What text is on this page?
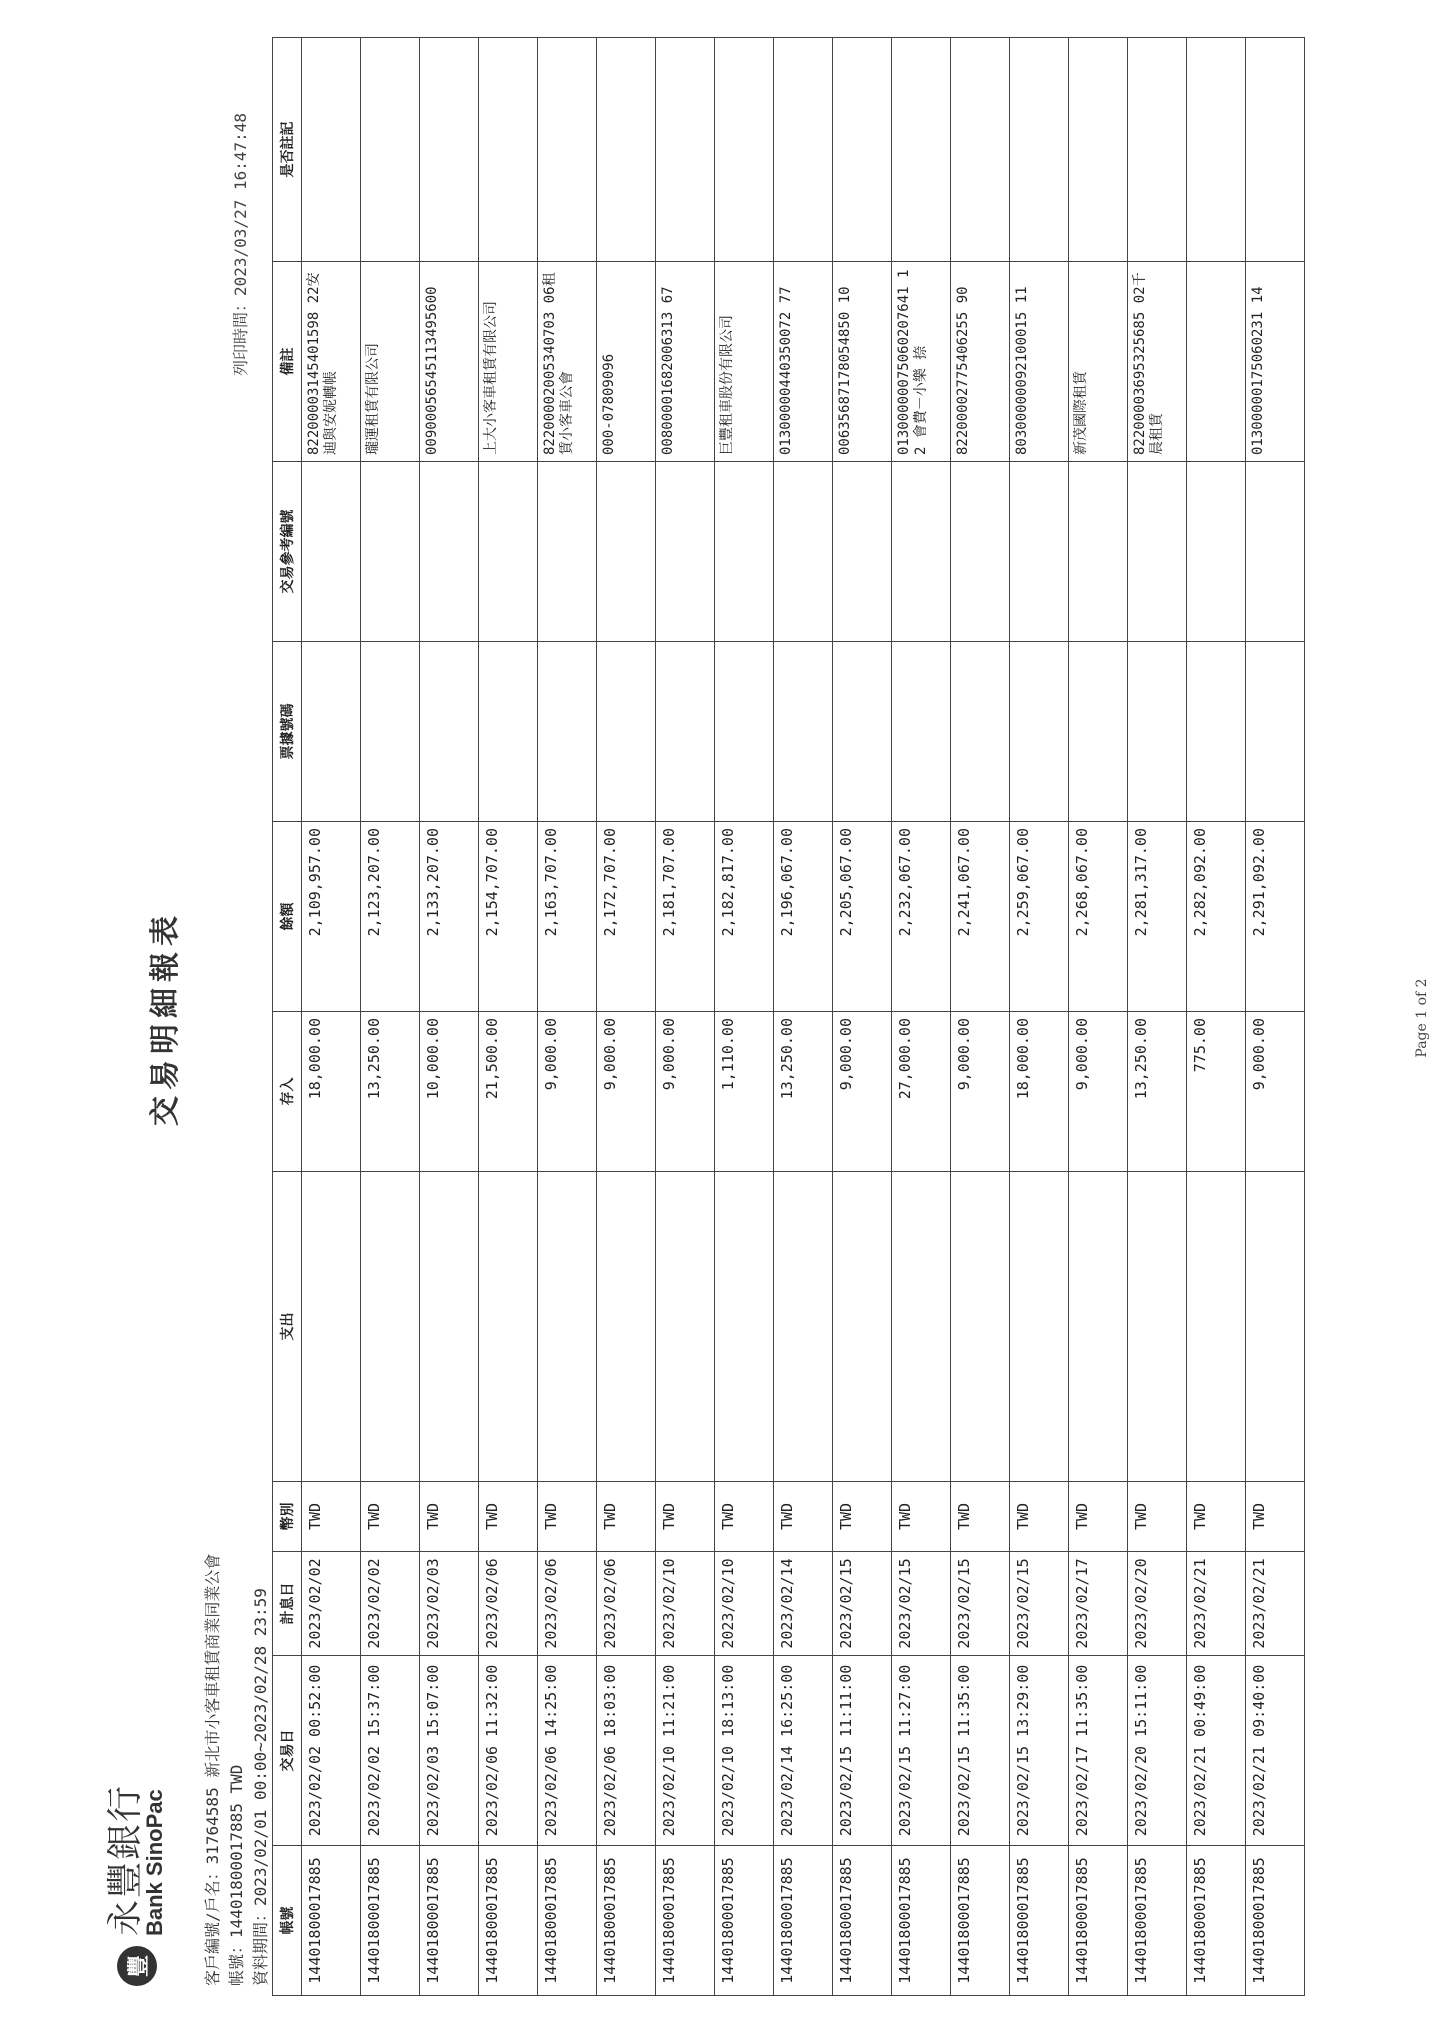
豐
永豐銀行
Bank SinoPac 客戶編號/戶名：31764585 新北市小客車租賃商業同業公會 帳號：14401800017885 TWD 資料期間：2023/02/01 00:00~2023/02/28 23:59
交易明細報表
列印時間：2023/03/27 16:47:48
帳號	交易日	計息日	幣別	支出	存入	餘額	票據號碼	交易參考編號	備註	是否註記
14401800017885	2023/02/02 00:52:00	2023/02/02	TWD		18,000.00	2,109,957.00			82200003145401598 22安迪與安妮轉帳	
14401800017885	2023/02/02 15:37:00	2023/02/02	TWD		13,250.00	2,123,207.00			瓏運租賃有限公司	
14401800017885	2023/02/03 15:07:00	2023/02/03	TWD		10,000.00	2,133,207.00			00900056545113495600	
14401800017885	2023/02/06 11:32:00	2023/02/06	TWD		21,500.00	2,154,707.00			上大小客車租賃有限公司	
14401800017885	2023/02/06 14:25:00	2023/02/06	TWD		9,000.00	2,163,707.00			82200002005340703 06租賃小客車公會	
14401800017885	2023/02/06 18:03:00	2023/02/06	TWD		9,000.00	2,172,707.00			000-07809096	
14401800017885	2023/02/10 11:21:00	2023/02/10	TWD		9,000.00	2,181,707.00			00800001682006313 67	
14401800017885	2023/02/10 18:13:00	2023/02/10	TWD		1,110.00	2,182,817.00			巨豐租車股份有限公司	
14401800017885	2023/02/14 16:25:00	2023/02/14	TWD		13,250.00	2,196,067.00			01300000440350072 77	
14401800017885	2023/02/15 11:11:00	2023/02/15	TWD		9,000.00	2,205,067.00			00635687178054850 10	
14401800017885	2023/02/15 11:27:00	2023/02/15	TWD		27,000.00	2,232,067.00			01300000075060207641 1 2 會費－小樂 捺	
14401800017885	2023/02/15 11:35:00	2023/02/15	TWD		9,000.00	2,241,067.00			82200002775406255 90	
14401800017885	2023/02/15 13:29:00	2023/02/15	TWD		18,000.00	2,259,067.00			80300000092100015 11	
14401800017885	2023/02/17 11:35:00	2023/02/17	TWD		9,000.00	2,268,067.00			新茂國際租賃	
14401800017885	2023/02/20 15:11:00	2023/02/20	TWD		13,250.00	2,281,317.00			82200003695325685 02千晨租賃	
14401800017885	2023/02/21 00:49:00	2023/02/21	TWD		775.00	2,282,092.00				
14401800017885	2023/02/21 09:40:00	2023/02/21	TWD		9,000.00	2,291,092.00			01300000175060231 14	
Page 1 of 2
